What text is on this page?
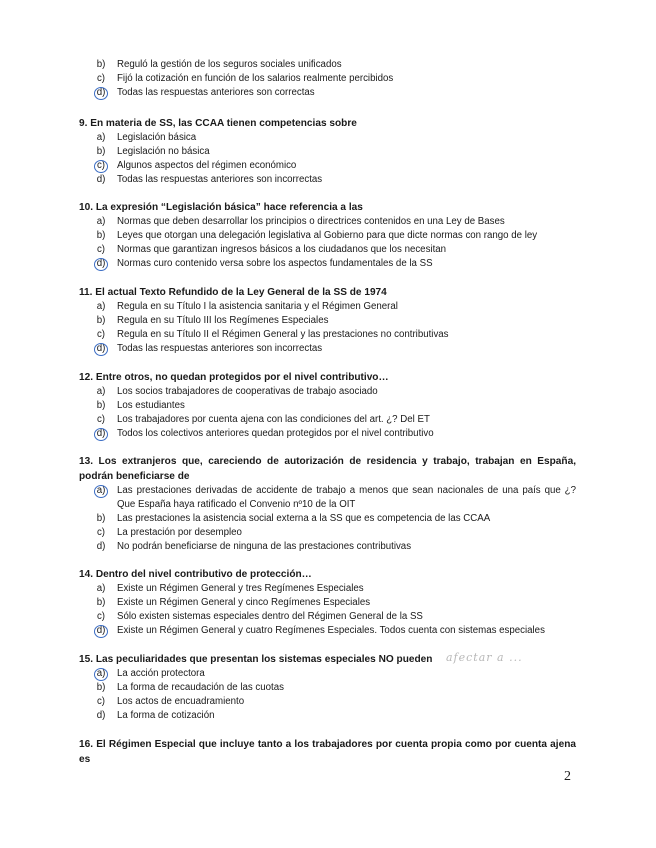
b) Reguló la gestión de los seguros sociales unificados
c) Fijó la cotización en función de los salarios realmente percibidos
d) Todas las respuestas anteriores son correctas
9. En materia de SS, las CCAA tienen competencias sobre
a) Legislación básica
b) Legislación no básica
c) Algunos aspectos del régimen económico
d) Todas las respuestas anteriores son incorrectas
10. La expresión “Legislación básica” hace referencia a las
a) Normas que deben desarrollar los principios o directrices contenidos en una Ley de Bases
b) Leyes que otorgan una delegación legislativa al Gobierno para que dicte normas con rango de ley
c) Normas que garantizan ingresos básicos a los ciudadanos que los necesitan
d) Normas curo contenido versa sobre los aspectos fundamentales de la SS
11. El actual Texto Refundido de la Ley General de la SS de 1974
a) Regula en su Título I la asistencia sanitaria y el Régimen General
b) Regula en su Título III los Regímenes Especiales
c) Regula en su Título II el Régimen General y las prestaciones no contributivas
d) Todas las respuestas anteriores son incorrectas
12. Entre otros, no quedan protegidos por el nivel contributivo…
a) Los socios trabajadores de cooperativas de trabajo asociado
b) Los estudiantes
c) Los trabajadores por cuenta ajena con las condiciones del art. ¿? Del ET
d) Todos los colectivos anteriores quedan protegidos por el nivel contributivo
13. Los extranjeros que, careciendo de autorización de residencia y trabajo, trabajan en España, podrán beneficiarse de
a) Las prestaciones derivadas de accidente de trabajo a menos que sean nacionales de una país que ¿? Que España haya ratificado el Convenio nº10 de la OIT
b) Las prestaciones la asistencia social externa a la SS que es competencia de las CCAA
c) La prestación por desempleo
d) No podrán beneficiarse de ninguna de las prestaciones contributivas
14. Dentro del nivel contributivo de protección…
a) Existe un Régimen General y tres Regímenes Especiales
b) Existe un Régimen General y cinco Regímenes Especiales
c) Sólo existen sistemas especiales dentro del Régimen General de la SS
d) Existe un Régimen General y cuatro Regímenes Especiales. Todos cuenta con sistemas especiales
15. Las peculiaridades que presentan los sistemas especiales NO pueden
a) La acción protectora
b) La forma de recaudación de las cuotas
c) Los actos de encuadramiento
d) La forma de cotización
afectar a ...
16. El Régimen Especial que incluye tanto a los trabajadores por cuenta propia como por cuenta ajena es
2
